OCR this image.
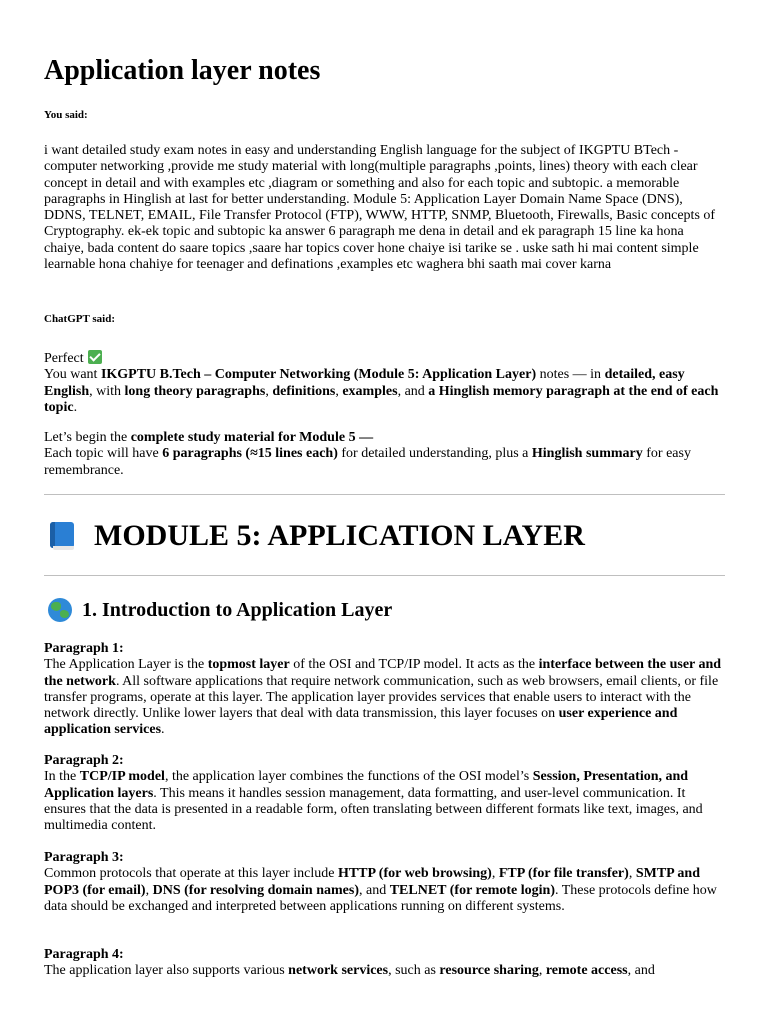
Application layer notes
You said:

i want detailed study exam notes in easy and understanding English language for the subject of IKGPTU BTech - computer networking ,provide me study material with long(multiple paragraphs ,points, lines) theory with each clear concept in detail and with examples etc ,diagram or something and also for each topic and subtopic. a memorable paragraphs in Hinglish at last for better understanding. Module 5: Application Layer Domain Name Space (DNS), DDNS, TELNET, EMAIL, File Transfer Protocol (FTP), WWW, HTTP, SNMP, Bluetooth, Firewalls, Basic concepts of Cryptography. ek-ek topic and subtopic ka answer 6 paragraph me dena in detail and ek paragraph 15 line ka hona chaiye, bada content do saare topics ,saare har topics cover hone chaiye isi tarike se . uske sath hi mai content simple learnable hona chahiye for teenager and definations ,examples etc waghera bhi saath mai cover karna

ChatGPT said:

Perfect

You want IKGPTU B.Tech – Computer Networking (Module 5: Application Layer) notes — in detailed, easy English, with long theory paragraphs, definitions, examples, and a Hinglish memory paragraph at the end of each topic.

Let’s begin the complete study material for Module 5 —

Each topic will have 6 paragraphs (≈15 lines each) for detailed understanding, plus a Hinglish summary for easy remembrance.

MODULE 5: APPLICATION LAYER
1. Introduction to Application Layer

Paragraph 1:

The Application Layer is the topmost layer of the OSI and TCP/IP model. It acts as the interface between the user and the network. All software applications that require network communication, such as web browsers, email clients, or file transfer programs, operate at this layer. The application layer provides services that enable users to interact with the network directly. Unlike lower layers that deal with data transmission, this layer focuses on user experience and application services.

Paragraph 2:

In the TCP/IP model, the application layer combines the functions of the OSI model’s Session, Presentation, and Application layers. This means it handles session management, data formatting, and user-level communication. It ensures that the data is presented in a readable form, often translating between different formats like text, images, and multimedia content.

Paragraph 3:

Common protocols that operate at this layer include HTTP (for web browsing), FTP (for file transfer), SMTP and POP3 (for email), DNS (for resolving domain names), and TELNET (for remote login). These protocols define how data should be exchanged and interpreted between applications running on different systems.

Paragraph 4:

The application layer also supports various network services, such as resource sharing, remote access, and
